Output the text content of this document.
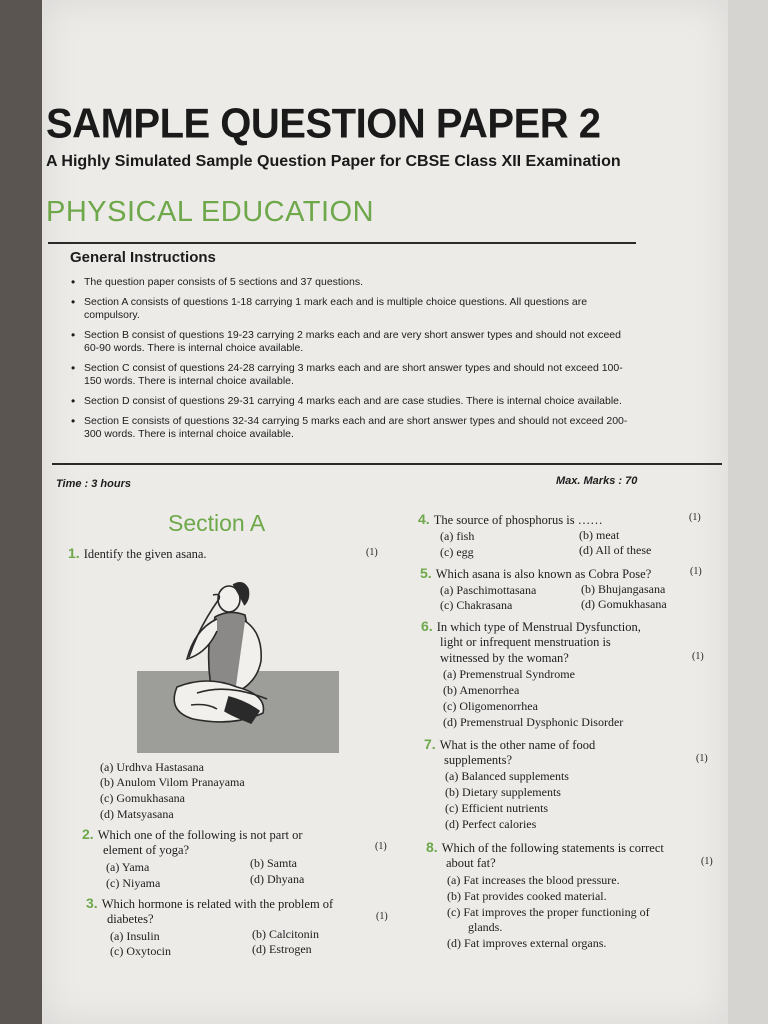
SAMPLE QUESTION PAPER 2
A Highly Simulated Sample Question Paper for CBSE Class XII Examination
PHYSICAL EDUCATION
General Instructions
• The question paper consists of 5 sections and 37 questions.
• Section A consists of questions 1-18 carrying 1 mark each and is multiple choice questions. All questions are compulsory.
• Section B consist of questions 19-23 carrying 2 marks each and are very short answer types and should not exceed 60-90 words. There is internal choice available.
• Section C consist of questions 24-28 carrying 3 marks each and are short answer types and should not exceed 100-150 words. There is internal choice available.
• Section D consist of questions 29-31 carrying 4 marks each and are case studies. There is internal choice available.
• Section E consists of questions 32-34 carrying 5 marks each and are short answer types and should not exceed 200-300 words. There is internal choice available.
Time : 3 hours	Max. Marks : 70
Section A
1. Identify the given asana.	(1)
(a) Urdhva Hastasana
(b) Anulom Vilom Pranayama
(c) Gomukhasana
(d) Matsyasana
2. Which one of the following is not part or
element of yoga?	(1)
(a) Yama	(b) Samta
(c) Niyama	(d) Dhyana
3. Which hormone is related with the problem of
diabetes?	(1)
(a) Insulin	(b) Calcitonin
(c) Oxytocin	(d) Estrogen
4. The source of phosphorus is ……	(1)
(a) fish	(b) meat
(c) egg	(d) All of these
5. Which asana is also known as Cobra Pose?	(1)
(a) Paschimottasana	(b) Bhujangasana
(c) Chakrasana	(d) Gomukhasana
6. In which type of Menstrual Dysfunction,
light or infrequent menstruation is
witnessed by the woman?	(1)
(a) Premenstrual Syndrome
(b) Amenorrhea
(c) Oligomenorrhea
(d) Premenstrual Dysphonic Disorder
7. What is the other name of food
supplements?	(1)
(a) Balanced supplements
(b) Dietary supplements
(c) Efficient nutrients
(d) Perfect calories
8. Which of the following statements is correct
about fat?	(1)
(a) Fat increases the blood pressure.
(b) Fat provides cooked material.
(c) Fat improves the proper functioning of
glands.
(d) Fat improves external organs.
